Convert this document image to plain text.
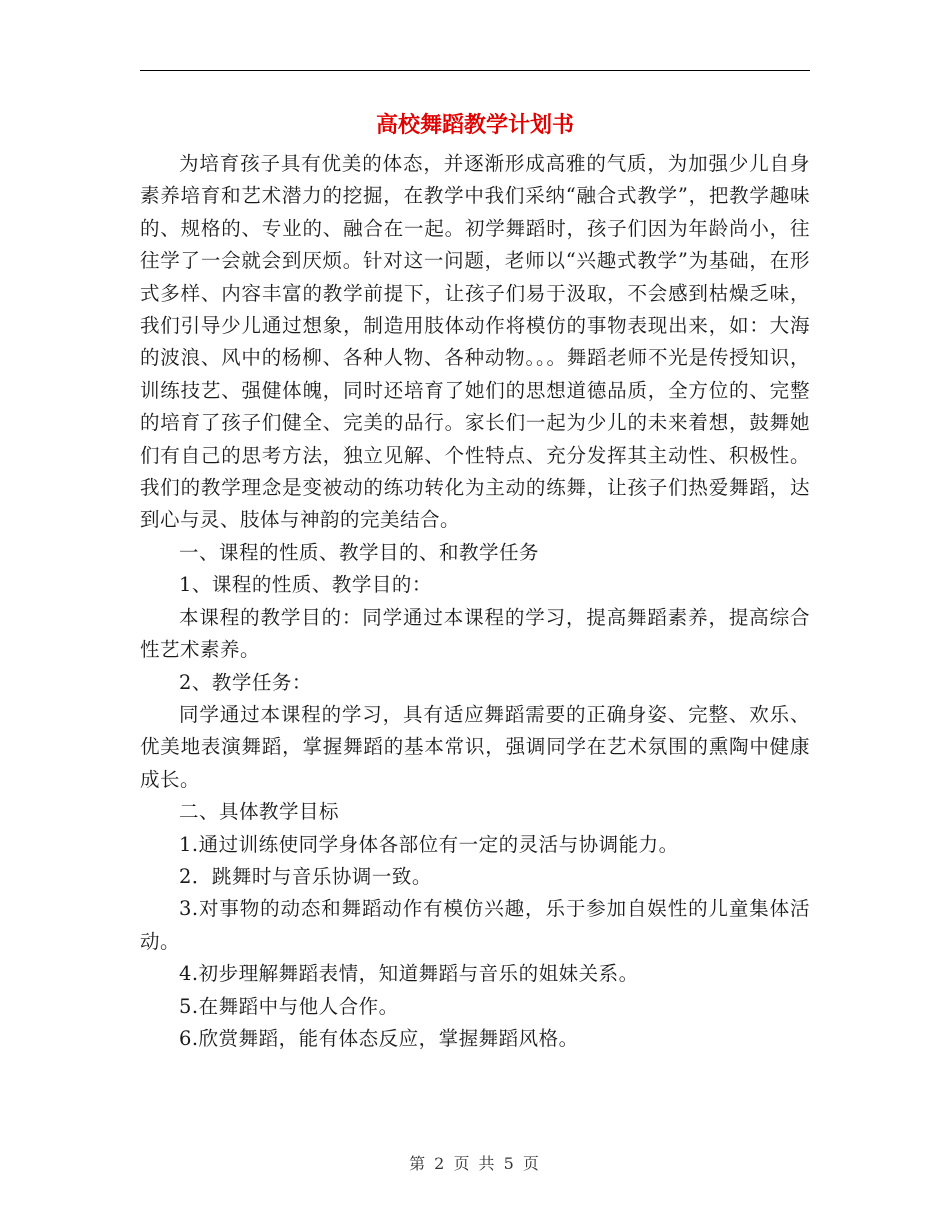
高校舞蹈教学计划书

为培育孩子具有优美的体态，并逐渐形成高雅的气质，为加强少儿自身素养培育和艺术潜力的挖掘，在教学中我们采纳“融合式教学”，把教学趣味的、规格的、专业的、融合在一起。初学舞蹈时，孩子们因为年龄尚小，往往学了一会就会到厌烦。针对这一问题，老师以“兴趣式教学”为基础，在形式多样、内容丰富的教学前提下，让孩子们易于汲取，不会感到枯燥乏味，我们引导少儿通过想象，制造用肢体动作将模仿的事物表现出来，如：大海的波浪、风中的杨柳、各种人物、各种动物。。。舞蹈老师不光是传授知识，训练技艺、强健体魄，同时还培育了她们的思想道德品质，全方位的、完整的培育了孩子们健全、完美的品行。家长们一起为少儿的未来着想，鼓舞她们有自己的思考方法，独立见解、个性特点、充分发挥其主动性、积极性。我们的教学理念是变被动的练功转化为主动的练舞，让孩子们热爱舞蹈，达到心与灵、肢体与神韵的完美结合。

一、课程的性质、教学目的、和教学任务

1、课程的性质、教学目的：

本课程的教学目的：同学通过本课程的学习，提高舞蹈素养，提高综合性艺术素养。

2、教学任务：

同学通过本课程的学习，具有适应舞蹈需要的正确身姿、完整、欢乐、优美地表演舞蹈，掌握舞蹈的基本常识，强调同学在艺术氛围的熏陶中健康成长。

二、具体教学目标

1.通过训练使同学身体各部位有一定的灵活与协调能力。

2．跳舞时与音乐协调一致。

3.对事物的动态和舞蹈动作有模仿兴趣，乐于参加自娱性的儿童集体活动。

4.初步理解舞蹈表情，知道舞蹈与音乐的姐妹关系。

5.在舞蹈中与他人合作。

6.欣赏舞蹈，能有体态反应，掌握舞蹈风格。

第 2 页 共 5 页
